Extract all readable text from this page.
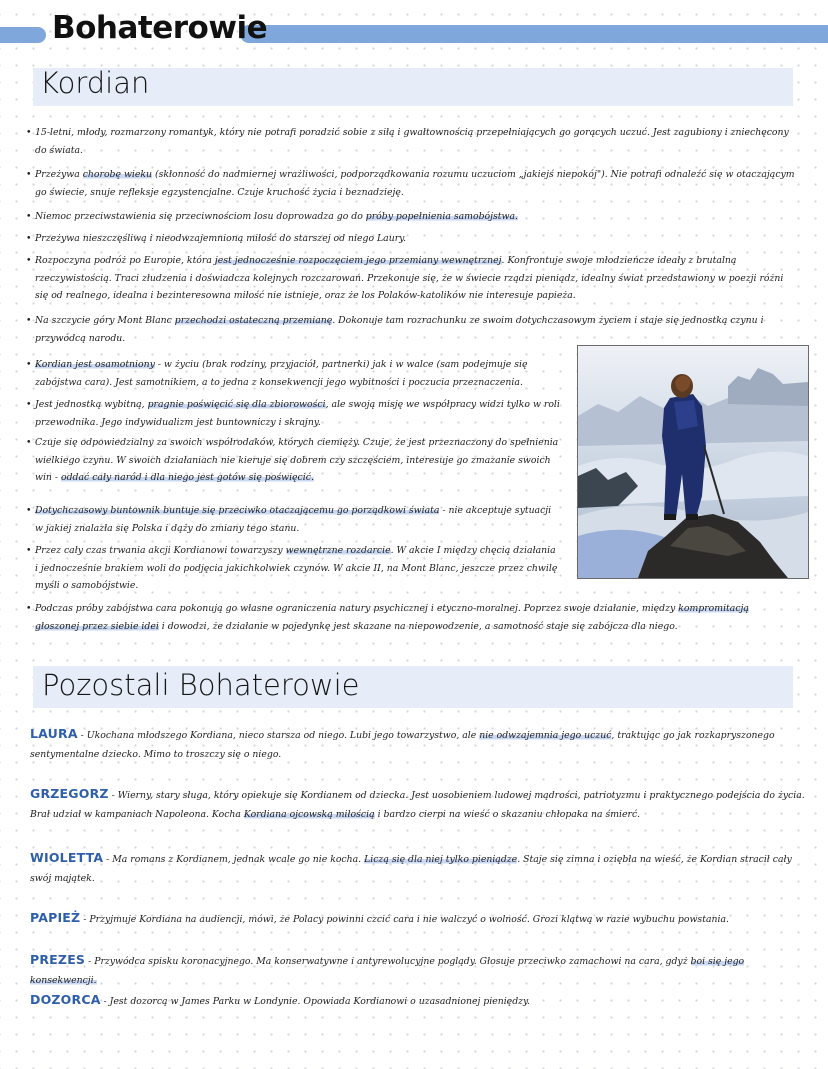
Bohaterowie
Kordian
• 15-letni, młody, rozmarzony romantyk, który nie potrafi poradzić sobie z siłą i gwałtownością przepełniających go gorących uczuć. Jest zagubiony i zniechęcony do świata.
• Przeżywa chorobę wieku (skłonność do nadmiernej wrażliwości, podporządkowania rozumu uczuciom „jakiejś niepokój"). Nie potrafi odnaleźć się w otaczającym go świecie, snuje refleksje egzystencjalne. Czuje kruchość życia i beznadzieję.
• Niemoc przeciwstawienia się przeciwnościom losu doprowadza go do próby popełnienia samobójstwa.
• Przeżywa nieszczęśliwą i nieodwzajemnioną miłość do starszej od niego Laury.
• Rozpoczyna podróż po Europie, która jest jednocześnie rozpoczęciem jego przemiany wewnętrznej. Konfrontuje swoje młodzieńcze ideały z brutalną rzeczywistością. Traci złudzenia i doświadcza kolejnych rozczarowań. Przekonuje się, że w świecie rządzi pieniądz, idealny świat przedstawiony w poezji różni się od realnego, idealna i bezinteresowna miłość nie istnieje, oraz że los Polaków-katolików nie interesuje papieża.
• Na szczycie góry Mont Blanc przechodzi ostateczną przemianę. Dokonuje tam rozrachunku ze swoim dotychczasowym życiem i staje się jednostką czynu i przywódcą narodu.
• Kordian jest osamotniony - w życiu (brak rodziny, przyjaciół, partnerki) jak i w walce (sam podejmuje się zabójstwa cara). Jest samotnikiem, a to jedna z konsekwencji jego wybitności i poczucia przeznaczenia.
• Jest jednostką wybitną, pragnie poświęcić się dla zbiorowości, ale swoją misję we współpracy widzi tylko w roli przewodnika. Jego indywidualizm jest buntowniczy i skrajny.
• Czuje się odpowiedzialny za swoich współrodaków, których ciemięży. Czuje, że jest przeznaczony do spełnienia wielkiego czynu. W swoich działaniach nie kieruje się dobrem czy szczęściem, interesuje go zmazanie swoich win - oddać cały naród i dla niego jest gotów się poświęcić.
• Dotychczasowy buntownik buntuje się przeciwko otaczającemu go porządkowi świata - nie akceptuje sytuacji w jakiej znalazła się Polska i dąży do zmiany tego stanu.
• Przez cały czas trwania akcji Kordianowi towarzyszy wewnętrzne rozdarcie. W akcie I między chęcią działania i jednocześnie brakiem woli do podjęcia jakichkolwiek czynów. W akcie II, na Mont Blanc, jeszcze przez chwilę myśli o samobójstwie.
• Podczas próby zabójstwa cara pokonują go własne ograniczenia natury psychicznej i etyczno-moralnej. Poprzez swoje działanie, między kompromitacją głoszonej przez siebie idei i dowodzi, że działanie w pojedynkę jest skazane na niepowodzenie, a samotność staje się zabójcza dla niego.
Pozostali Bohaterowie
LAURA - Ukochana młodszego Kordiana, nieco starsza od niego. Lubi jego towarzystwo, ale nie odwzajemnia jego uczuć, traktując go jak rozkapryszonego sentymentalne dziecko. Mimo to troszczy się o niego.
GRZEGORZ - Wierny, stary sługa, który opiekuje się Kordianem od dziecka. Jest uosobieniem ludowej mądrości, patriotyzmu i praktycznego podejścia do życia. Brał udział w kampaniach Napoleona. Kocha Kordiana ojcowską miłością i bardzo cierpi na wieść o skazaniu chłopaka na śmierć.
WIOLETTA - Ma romans z Kordianem, jednak wcale go nie kocha. Liczą się dla niej tylko pieniądze. Staje się zimna i oziębła na wieść, że Kordian stracił cały swój majątek.
PAPIEŻ - Przyjmuje Kordiana na audiencji, mówi, że Polacy powinni czcić cara i nie walczyć o wolność. Grozi klątwą w razie wybuchu powstania.
PREZES - Przywódca spisku koronacyjnego. Ma konserwatywne i antyrewolucyjne poglądy. Głosuje przeciwko zamachowi na cara, gdyż boi się jego konsekwencji.
DOZORCA - Jest dozorcą w James Parku w Londynie. Opowiada Kordianowi o uzasadnionej pieniędzy.
